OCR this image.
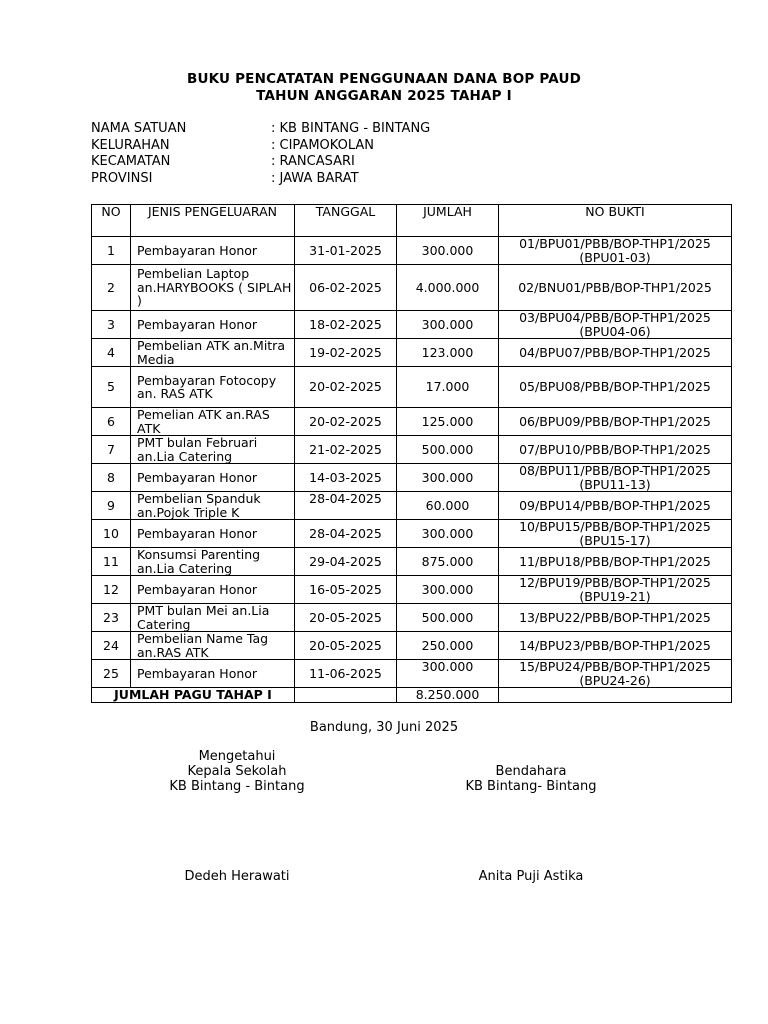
BUKU PENCATATAN PENGGUNAAN DANA BOP PAUD
TAHUN ANGGARAN 2025 TAHAP I
NAMA SATUAN	: KB BINTANG - BINTANG
KELURAHAN	: CIPAMOKOLAN
KECAMATAN	: RANCASARI
PROVINSI	: JAWA BARAT
NO	JENIS PENGELUARAN	TANGGAL	JUMLAH	NO BUKTI
1	Pembayaran Honor	31-01-2025	300.000	01/BPU01/PBB/BOP-THP1/2025 (BPU01-03)
2	Pembelian Laptop an.HARYBOOKS ( SIPLAH )	06-02-2025	4.000.000	02/BNU01/PBB/BOP-THP1/2025
3	Pembayaran Honor	18-02-2025	300.000	03/BPU04/PBB/BOP-THP1/2025 (BPU04-06)
4	Pembelian ATK an.Mitra Media	19-02-2025	123.000	04/BPU07/PBB/BOP-THP1/2025
5	Pembayaran Fotocopy an. RAS ATK	20-02-2025	17.000	05/BPU08/PBB/BOP-THP1/2025
6	Pemelian ATK an.RAS ATK	20-02-2025	125.000	06/BPU09/PBB/BOP-THP1/2025
7	PMT bulan Februari an.Lia Catering	21-02-2025	500.000	07/BPU10/PBB/BOP-THP1/2025
8	Pembayaran Honor	14-03-2025	300.000	08/BPU11/PBB/BOP-THP1/2025 (BPU11-13)
9	Pembelian Spanduk an.Pojok Triple K	28-04-2025	60.000	09/BPU14/PBB/BOP-THP1/2025
10	Pembayaran Honor	28-04-2025	300.000	10/BPU15/PBB/BOP-THP1/2025 (BPU15-17)
11	Konsumsi Parenting an.Lia Catering	29-04-2025	875.000	11/BPU18/PBB/BOP-THP1/2025
12	Pembayaran Honor	16-05-2025	300.000	12/BPU19/PBB/BOP-THP1/2025 (BPU19-21)
23	PMT bulan Mei an.Lia Catering	20-05-2025	500.000	13/BPU22/PBB/BOP-THP1/2025
24	Pembelian Name Tag an.RAS ATK	20-05-2025	250.000	14/BPU23/PBB/BOP-THP1/2025
25	Pembayaran Honor	11-06-2025	300.000	15/BPU24/PBB/BOP-THP1/2025 (BPU24-26)
JUMLAH PAGU TAHAP I			8.250.000	
Bandung, 30 Juni 2025
Mengetahui
Kepala Sekolah
KB Bintang - Bintang
Dedeh Herawati
Bendahara
KB Bintang- Bintang
Anita Puji Astika
